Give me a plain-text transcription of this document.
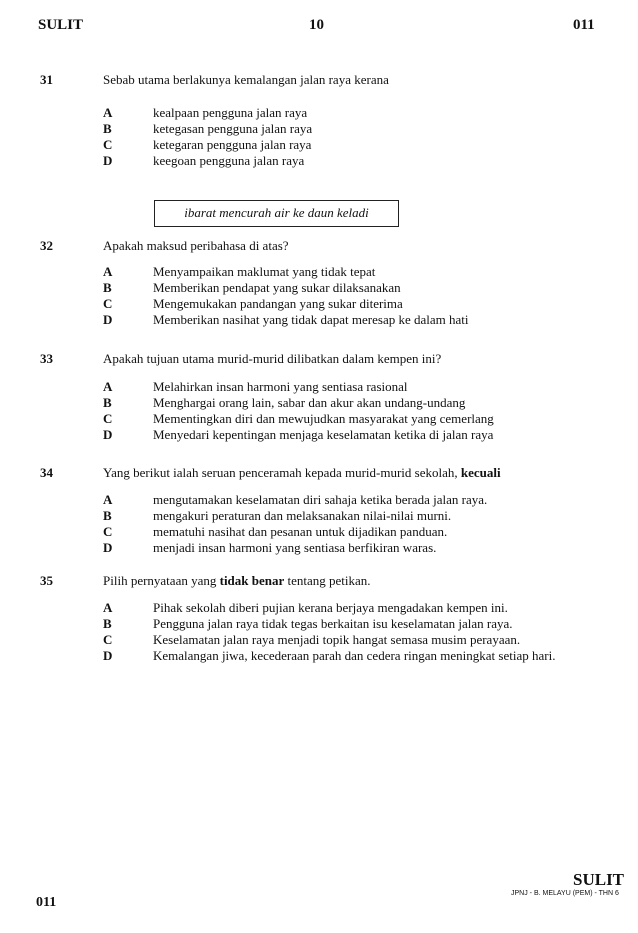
SULIT	10	011
31	Sebab utama berlakunya kemalangan jalan raya kerana
A	kealpaan pengguna jalan raya
B	ketegasan pengguna jalan raya
C	ketegaran pengguna jalan raya
D	keegoan pengguna jalan raya
ibarat mencurah air ke daun keladi
32	Apakah maksud peribahasa di atas?
A	Menyampaikan maklumat yang tidak tepat
B	Memberikan pendapat yang sukar dilaksanakan
C	Mengemukakan pandangan yang sukar diterima
D	Memberikan nasihat yang tidak dapat meresap ke dalam hati
33	Apakah tujuan utama murid-murid dilibatkan dalam kempen ini?
A	Melahirkan insan harmoni yang sentiasa rasional
B	Menghargai orang lain, sabar dan akur akan undang-undang
C	Mementingkan diri dan mewujudkan masyarakat yang cemerlang
D	Menyedari kepentingan menjaga keselamatan ketika di jalan raya
34	Yang berikut ialah seruan penceramah kepada murid-murid sekolah, kecuali
A	mengutamakan keselamatan diri sahaja ketika berada jalan raya.
B	mengakuri peraturan dan melaksanakan nilai-nilai murni.
C	mematuhi nasihat dan pesanan untuk dijadikan panduan.
D	menjadi insan harmoni yang sentiasa berfikiran waras.
35	Pilih pernyataan yang tidak benar tentang petikan.
A	Pihak sekolah diberi pujian kerana berjaya mengadakan kempen ini.
B	Pengguna jalan raya tidak tegas berkaitan isu keselamatan jalan raya.
C	Keselamatan jalan raya menjadi topik hangat semasa musim perayaan.
D	Kemalangan jiwa, kecederaan parah dan cedera ringan meningkat setiap hari.
011
SULIT
JPNJ - B. MELAYU (PEM) - THN 6
